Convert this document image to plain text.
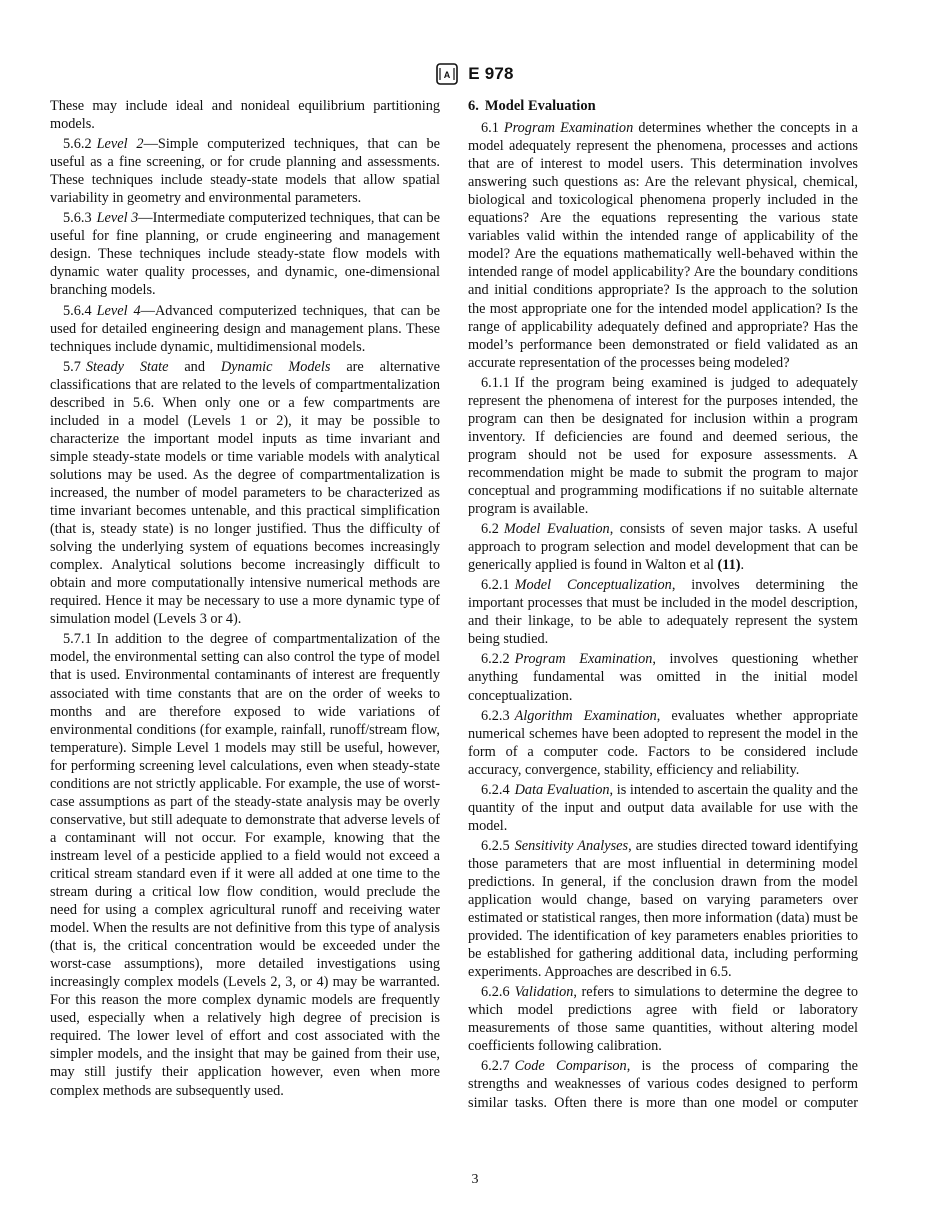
A E 978

These may include ideal and nonideal equilibrium partitioning models.

5.6.2 Level 2—Simple computerized techniques, that can be useful as a fine screening, or for crude planning and assessments. These techniques include steady-state models that allow spatial variability in geometry and environmental parameters.

5.6.3 Level 3—Intermediate computerized techniques, that can be useful for fine planning, or crude engineering and management design. These techniques include steady-state flow models with dynamic water quality processes, and dynamic, one-dimensional branching models.

5.6.4 Level 4—Advanced computerized techniques, that can be used for detailed engineering design and management plans. These techniques include dynamic, multidimensional models.

5.7 Steady State and Dynamic Models are alternative classifications that are related to the levels of compartmentalization described in 5.6. When only one or a few compartments are included in a model (Levels 1 or 2), it may be possible to characterize the important model inputs as time invariant and simple steady-state models or time variable models with analytical solutions may be used. As the degree of compartmentalization is increased, the number of model parameters to be characterized as time invariant becomes untenable, and this practical simplification (that is, steady state) is no longer justified. Thus the difficulty of solving the underlying system of equations becomes increasingly complex. Analytical solutions become increasingly difficult to obtain and more computationally intensive numerical methods are required. Hence it may be necessary to use a more dynamic type of simulation model (Levels 3 or 4).

5.7.1 In addition to the degree of compartmentalization of the model, the environmental setting can also control the type of model that is used. Environmental contaminants of interest are frequently associated with time constants that are on the order of weeks to months and are therefore exposed to wide variations of environmental conditions (for example, rainfall, runoff/stream flow, temperature). Simple Level 1 models may still be useful, however, for performing screening level calculations, even when steady-state conditions are not strictly applicable. For example, the use of worst-case assumptions as part of the steady-state analysis may be overly conservative, but still adequate to demonstrate that adverse levels of a contaminant will not occur. For example, knowing that the instream level of a pesticide applied to a field would not exceed a critical stream standard even if it were all added at one time to the stream during a critical low flow condition, would preclude the need for using a complex agricultural runoff and receiving water model. When the results are not definitive from this type of analysis (that is, the critical concentration would be exceeded under the worst-case assumptions), more detailed investigations using increasingly complex models (Levels 2, 3, or 4) may be warranted. For this reason the more complex dynamic models are frequently used, especially when a relatively high degree of precision is required. The lower level of effort and cost associated with the simpler models, and the insight that may be gained from their use, may still justify their application however, even when more complex methods are subsequently used.

6. Model Evaluation

6.1 Program Examination determines whether the concepts in a model adequately represent the phenomena, processes and actions that are of interest to model users. This determination involves answering such questions as: Are the relevant physical, chemical, biological and toxicological phenomena properly included in the equations? Are the equations representing the various state variables valid within the intended range of applicability of the model? Are the equations mathematically well-behaved within the intended range of model applicability? Are the boundary conditions and initial conditions appropriate? Is the approach to the solution the most appropriate one for the intended model application? Is the range of applicability adequately defined and appropriate? Has the model’s performance been demonstrated or field validated as an accurate representation of the processes being modeled?

6.1.1 If the program being examined is judged to adequately represent the phenomena of interest for the purposes intended, the program can then be designated for inclusion within a program inventory. If deficiencies are found and deemed serious, the program should not be used for exposure assessments. A recommendation might be made to submit the program to major conceptual and programming modifications if no suitable alternate program is available.

6.2 Model Evaluation, consists of seven major tasks. A useful approach to program selection and model development that can be generically applied is found in Walton et al (11).

6.2.1 Model Conceptualization, involves determining the important processes that must be included in the model description, and their linkage, to be able to adequately represent the system being studied.

6.2.2 Program Examination, involves questioning whether anything fundamental was omitted in the initial model conceptualization.

6.2.3 Algorithm Examination, evaluates whether appropriate numerical schemes have been adopted to represent the model in the form of a computer code. Factors to be considered include accuracy, convergence, stability, efficiency and reliability.

6.2.4 Data Evaluation, is intended to ascertain the quality and the quantity of the input and output data available for use with the model.

6.2.5 Sensitivity Analyses, are studies directed toward identifying those parameters that are most influential in determining model predictions. In general, if the conclusion drawn from the model application would change, based on varying parameters over estimated or statistical ranges, then more information (data) must be provided. The identification of key parameters enables priorities to be established for gathering additional data, including performing experiments. Approaches are described in 6.5.

6.2.6 Validation, refers to simulations to determine the degree to which model predictions agree with field or laboratory measurements of those same quantities, without altering model coefficients following calibration.

6.2.7 Code Comparison, is the process of comparing the strengths and weaknesses of various codes designed to perform similar tasks. Often there is more than one model or computer

3
